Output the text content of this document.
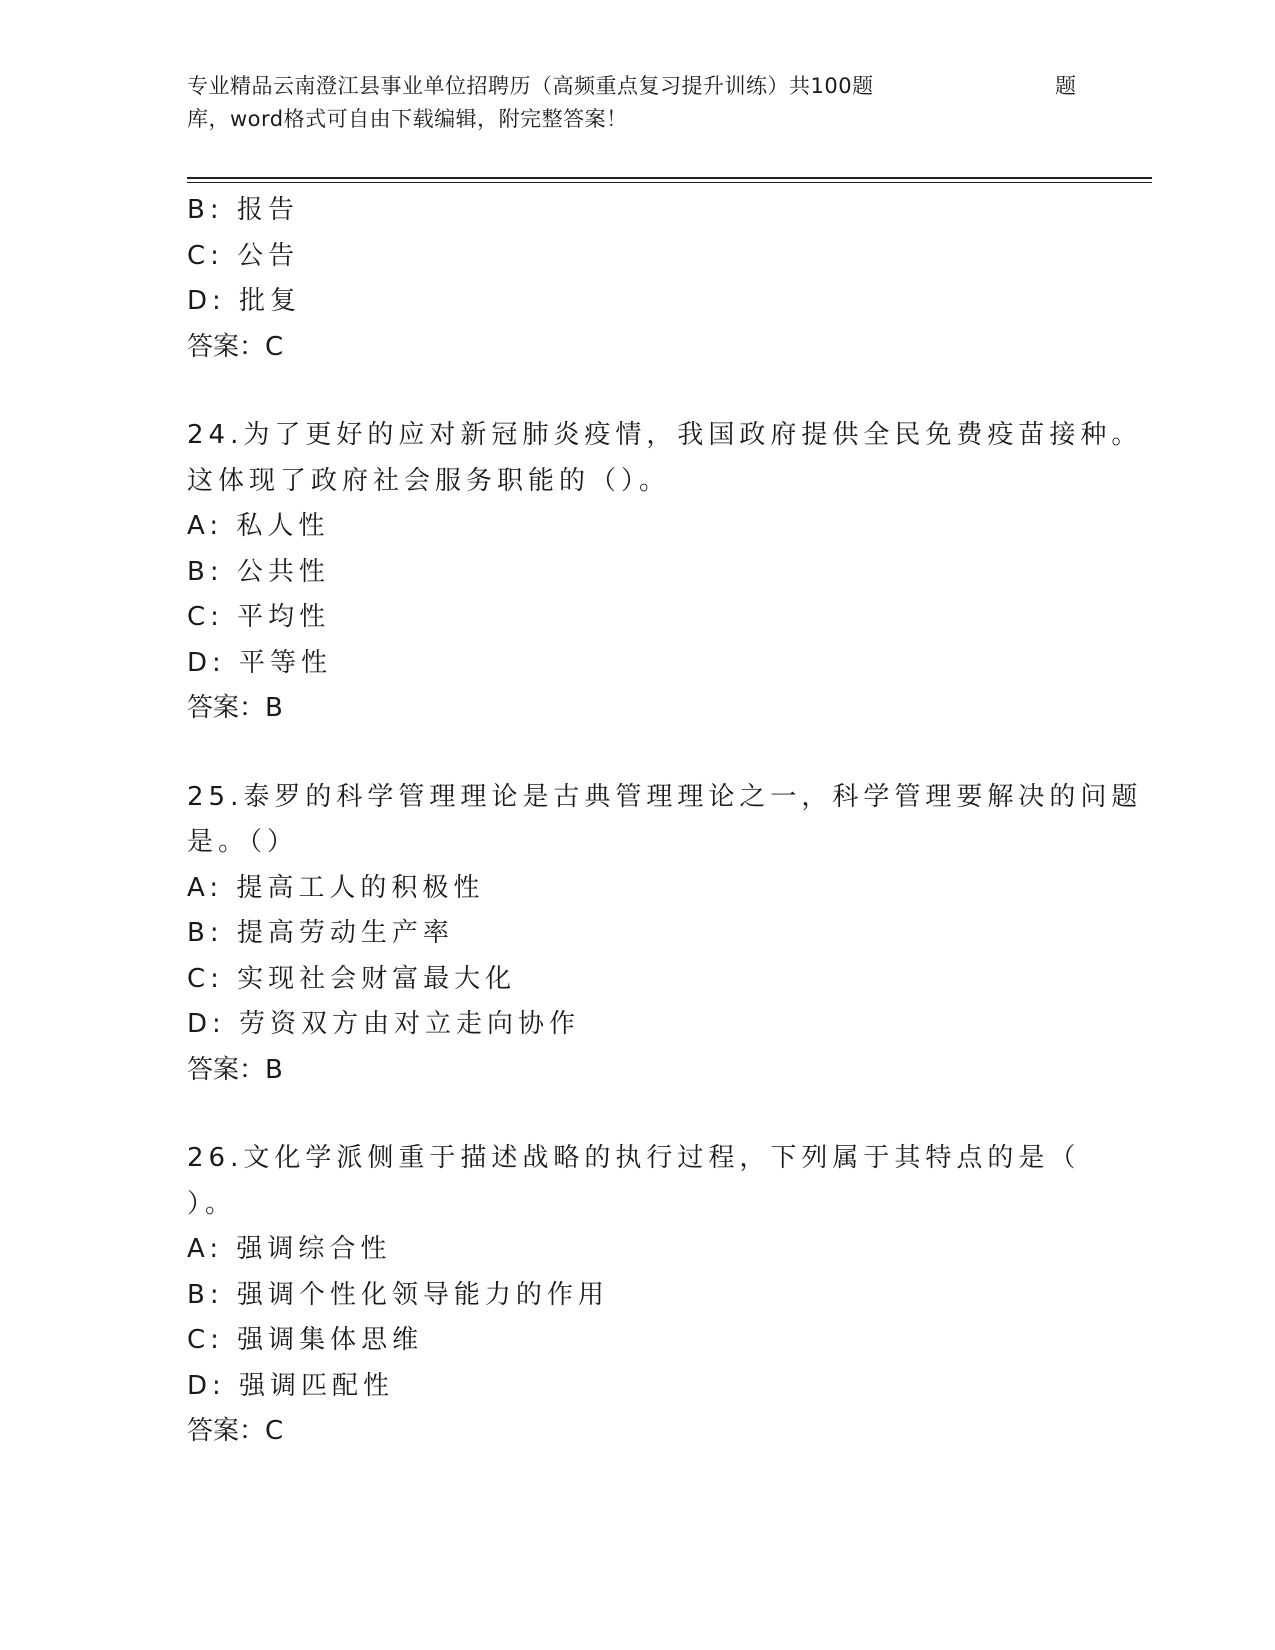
专业精品云南澄江县事业单位招聘历（高频重点复习提升训练）共100题	题
库，word格式可自由下载编辑，附完整答案！
B: 报告
C: 公告
D: 批复
答案：C
24.为了更好的应对新冠肺炎疫情，我国政府提供全民免费疫苗接种。
这体现了政府社会服务职能的（）。
A: 私人性
B: 公共性
C: 平均性
D: 平等性
答案：B
25.泰罗的科学管理理论是古典管理理论之一，科学管理要解决的问题
是。（）
A: 提高工人的积极性
B: 提高劳动生产率
C: 实现社会财富最大化
D: 劳资双方由对立走向协作
答案：B
26.文化学派侧重于描述战略的执行过程，下列属于其特点的是（
）。
A: 强调综合性
B: 强调个性化领导能力的作用
C: 强调集体思维
D: 强调匹配性
答案：C
